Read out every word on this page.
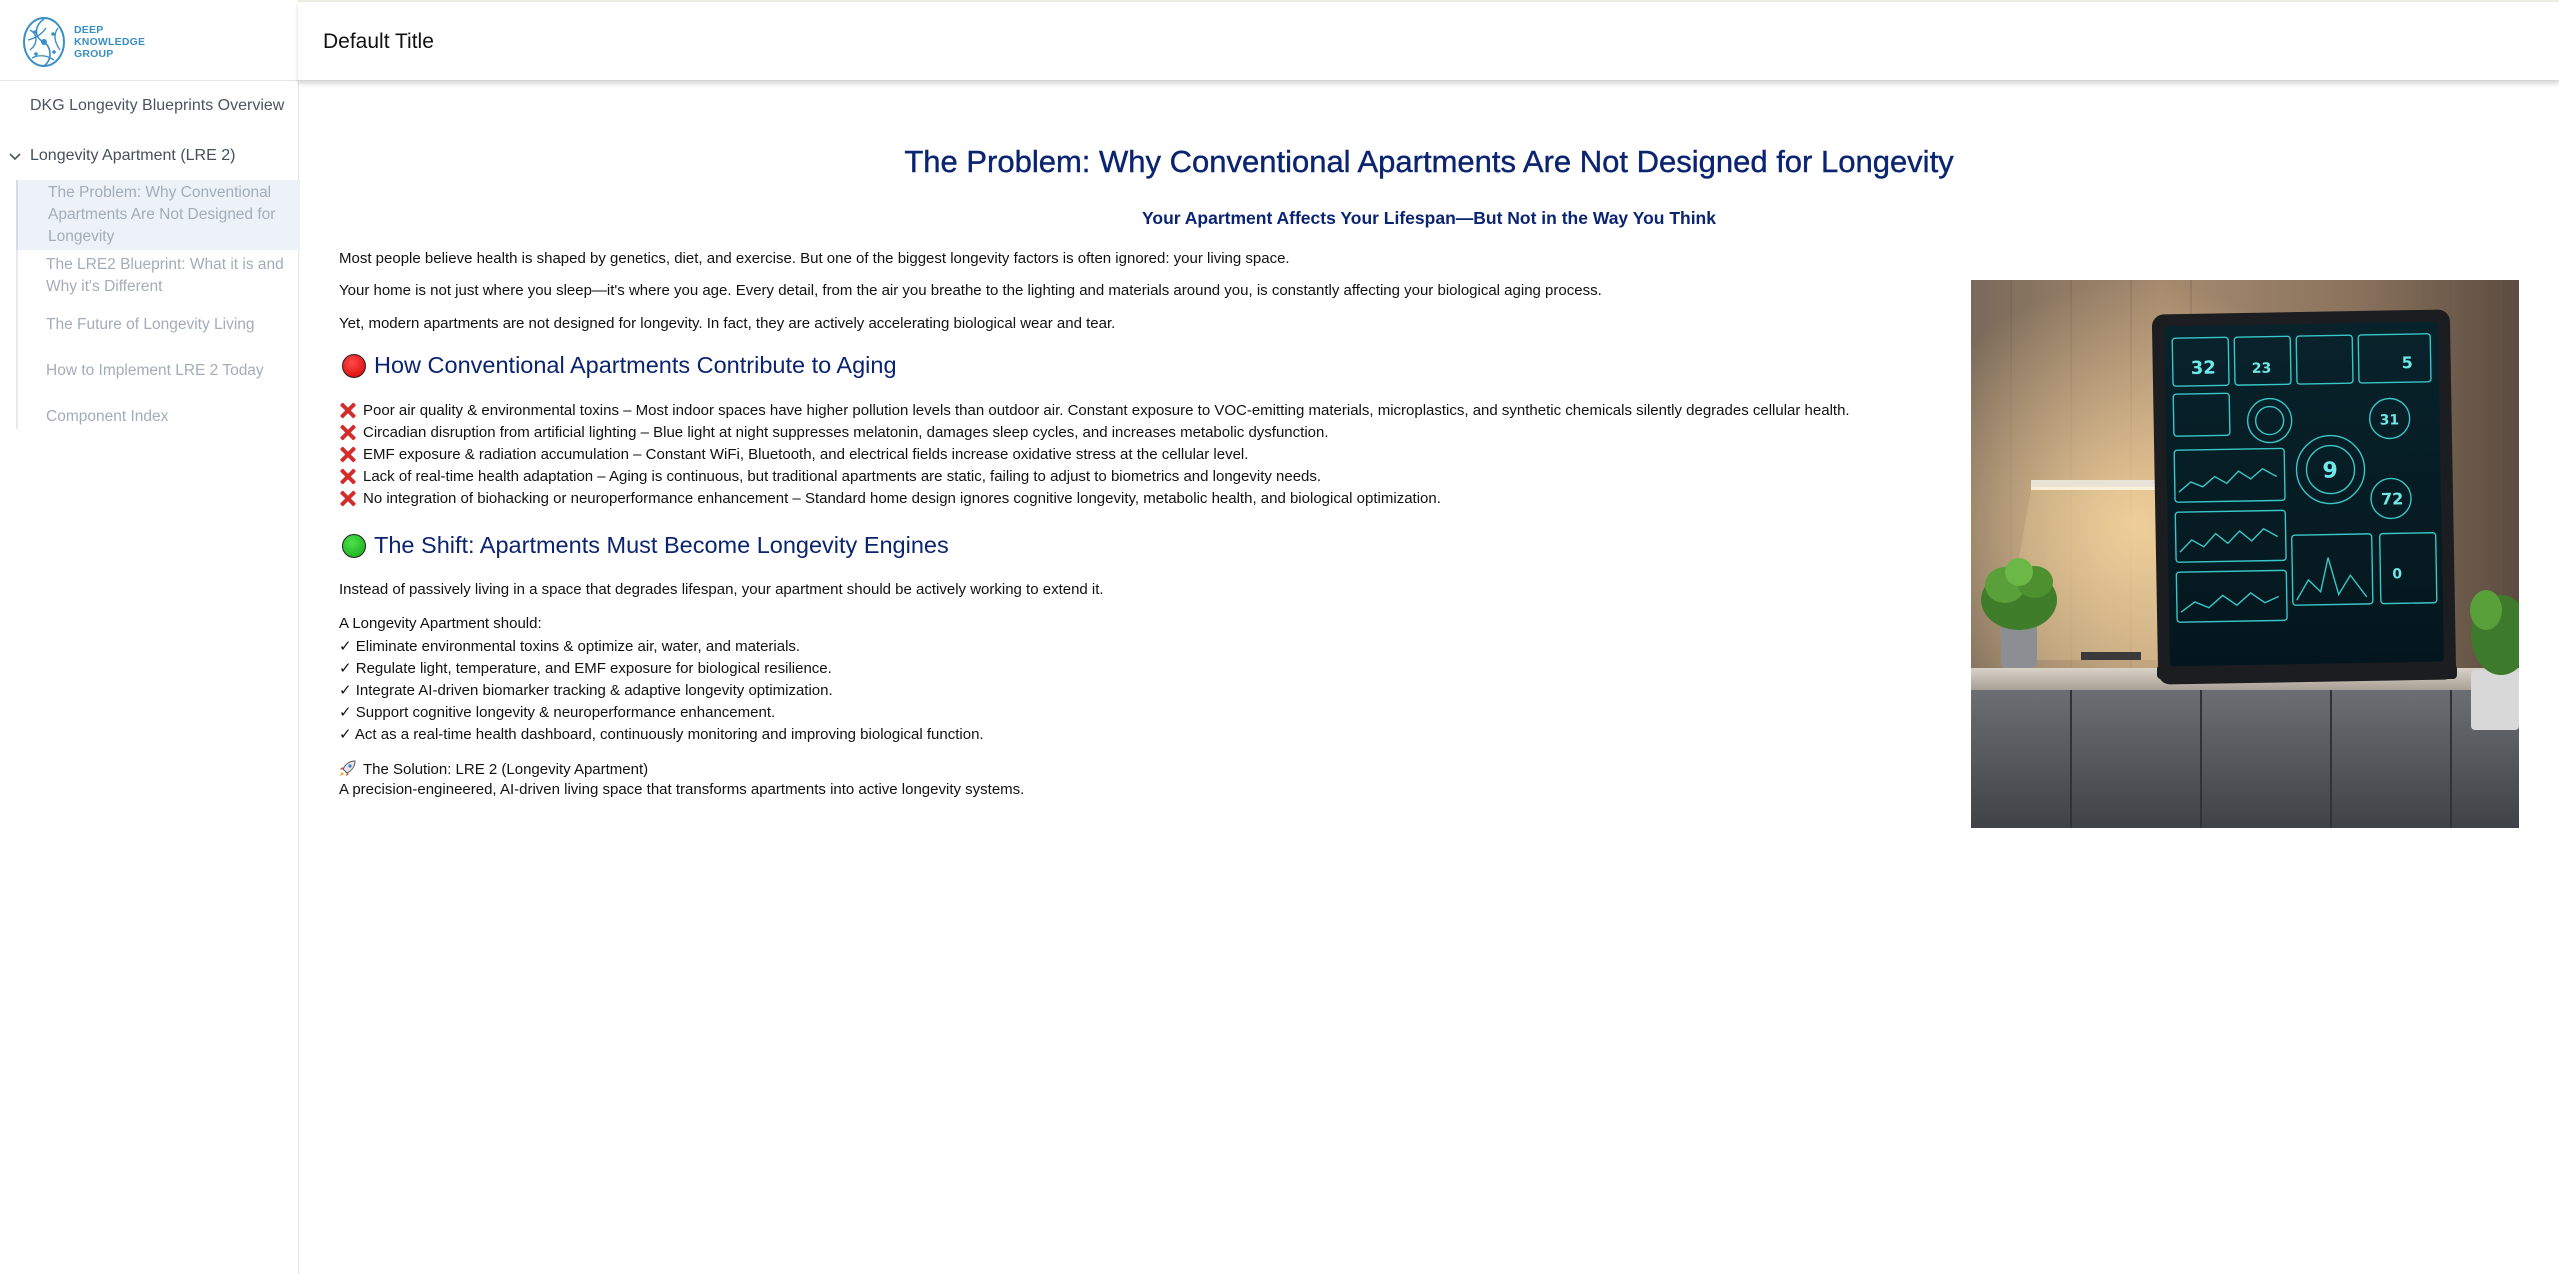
DEEP
KNOWLEDGE
GROUP
DKG Longevity Blueprints Overview
Longevity Apartment (LRE 2)
The Problem: Why Conventional Apartments Are Not Designed for Longevity
The LRE2 Blueprint: What it is and Why it's Different
The Future of Longevity Living
How to Implement LRE 2 Today
Component Index
Default Title
The Problem: Why Conventional Apartments Are Not Designed for Longevity
Your Apartment Affects Your Lifespan—But Not in the Way You Think
Most people believe health is shaped by genetics, diet, and exercise. But one of the biggest longevity factors is often ignored: your living space.
Your home is not just where you sleep—it's where you age. Every detail, from the air you breathe to the lighting and materials around you, is constantly affecting your biological aging process.
Yet, modern apartments are not designed for longevity. In fact, they are actively accelerating biological wear and tear.
How Conventional Apartments Contribute to Aging
Poor air quality & environmental toxins – Most indoor spaces have higher pollution levels than outdoor air. Constant exposure to VOC-emitting materials, microplastics, and synthetic chemicals silently degrades cellular health.
Circadian disruption from artificial lighting – Blue light at night suppresses melatonin, damages sleep cycles, and increases metabolic dysfunction.
EMF exposure & radiation accumulation – Constant WiFi, Bluetooth, and electrical fields increase oxidative stress at the cellular level.
Lack of real-time health adaptation – Aging is continuous, but traditional apartments are static, failing to adjust to biometrics and longevity needs.
No integration of biohacking or neuroperformance enhancement – Standard home design ignores cognitive longevity, metabolic health, and biological optimization.
The Shift: Apartments Must Become Longevity Engines
Instead of passively living in a space that degrades lifespan, your apartment should be actively working to extend it.
A Longevity Apartment should:
✓ Eliminate environmental toxins & optimize air, water, and materials.
✓ Regulate light, temperature, and EMF exposure for biological resilience.
✓ Integrate AI-driven biomarker tracking & adaptive longevity optimization.
✓ Support cognitive longevity & neuroperformance enhancement.
✓ Act as a real-time health dashboard, continuously monitoring and improving biological function.
The Solution: LRE 2 (Longevity Apartment)
A precision-engineered, AI-driven living space that transforms apartments into active longevity systems.
32	23
9
31
5
72
0
